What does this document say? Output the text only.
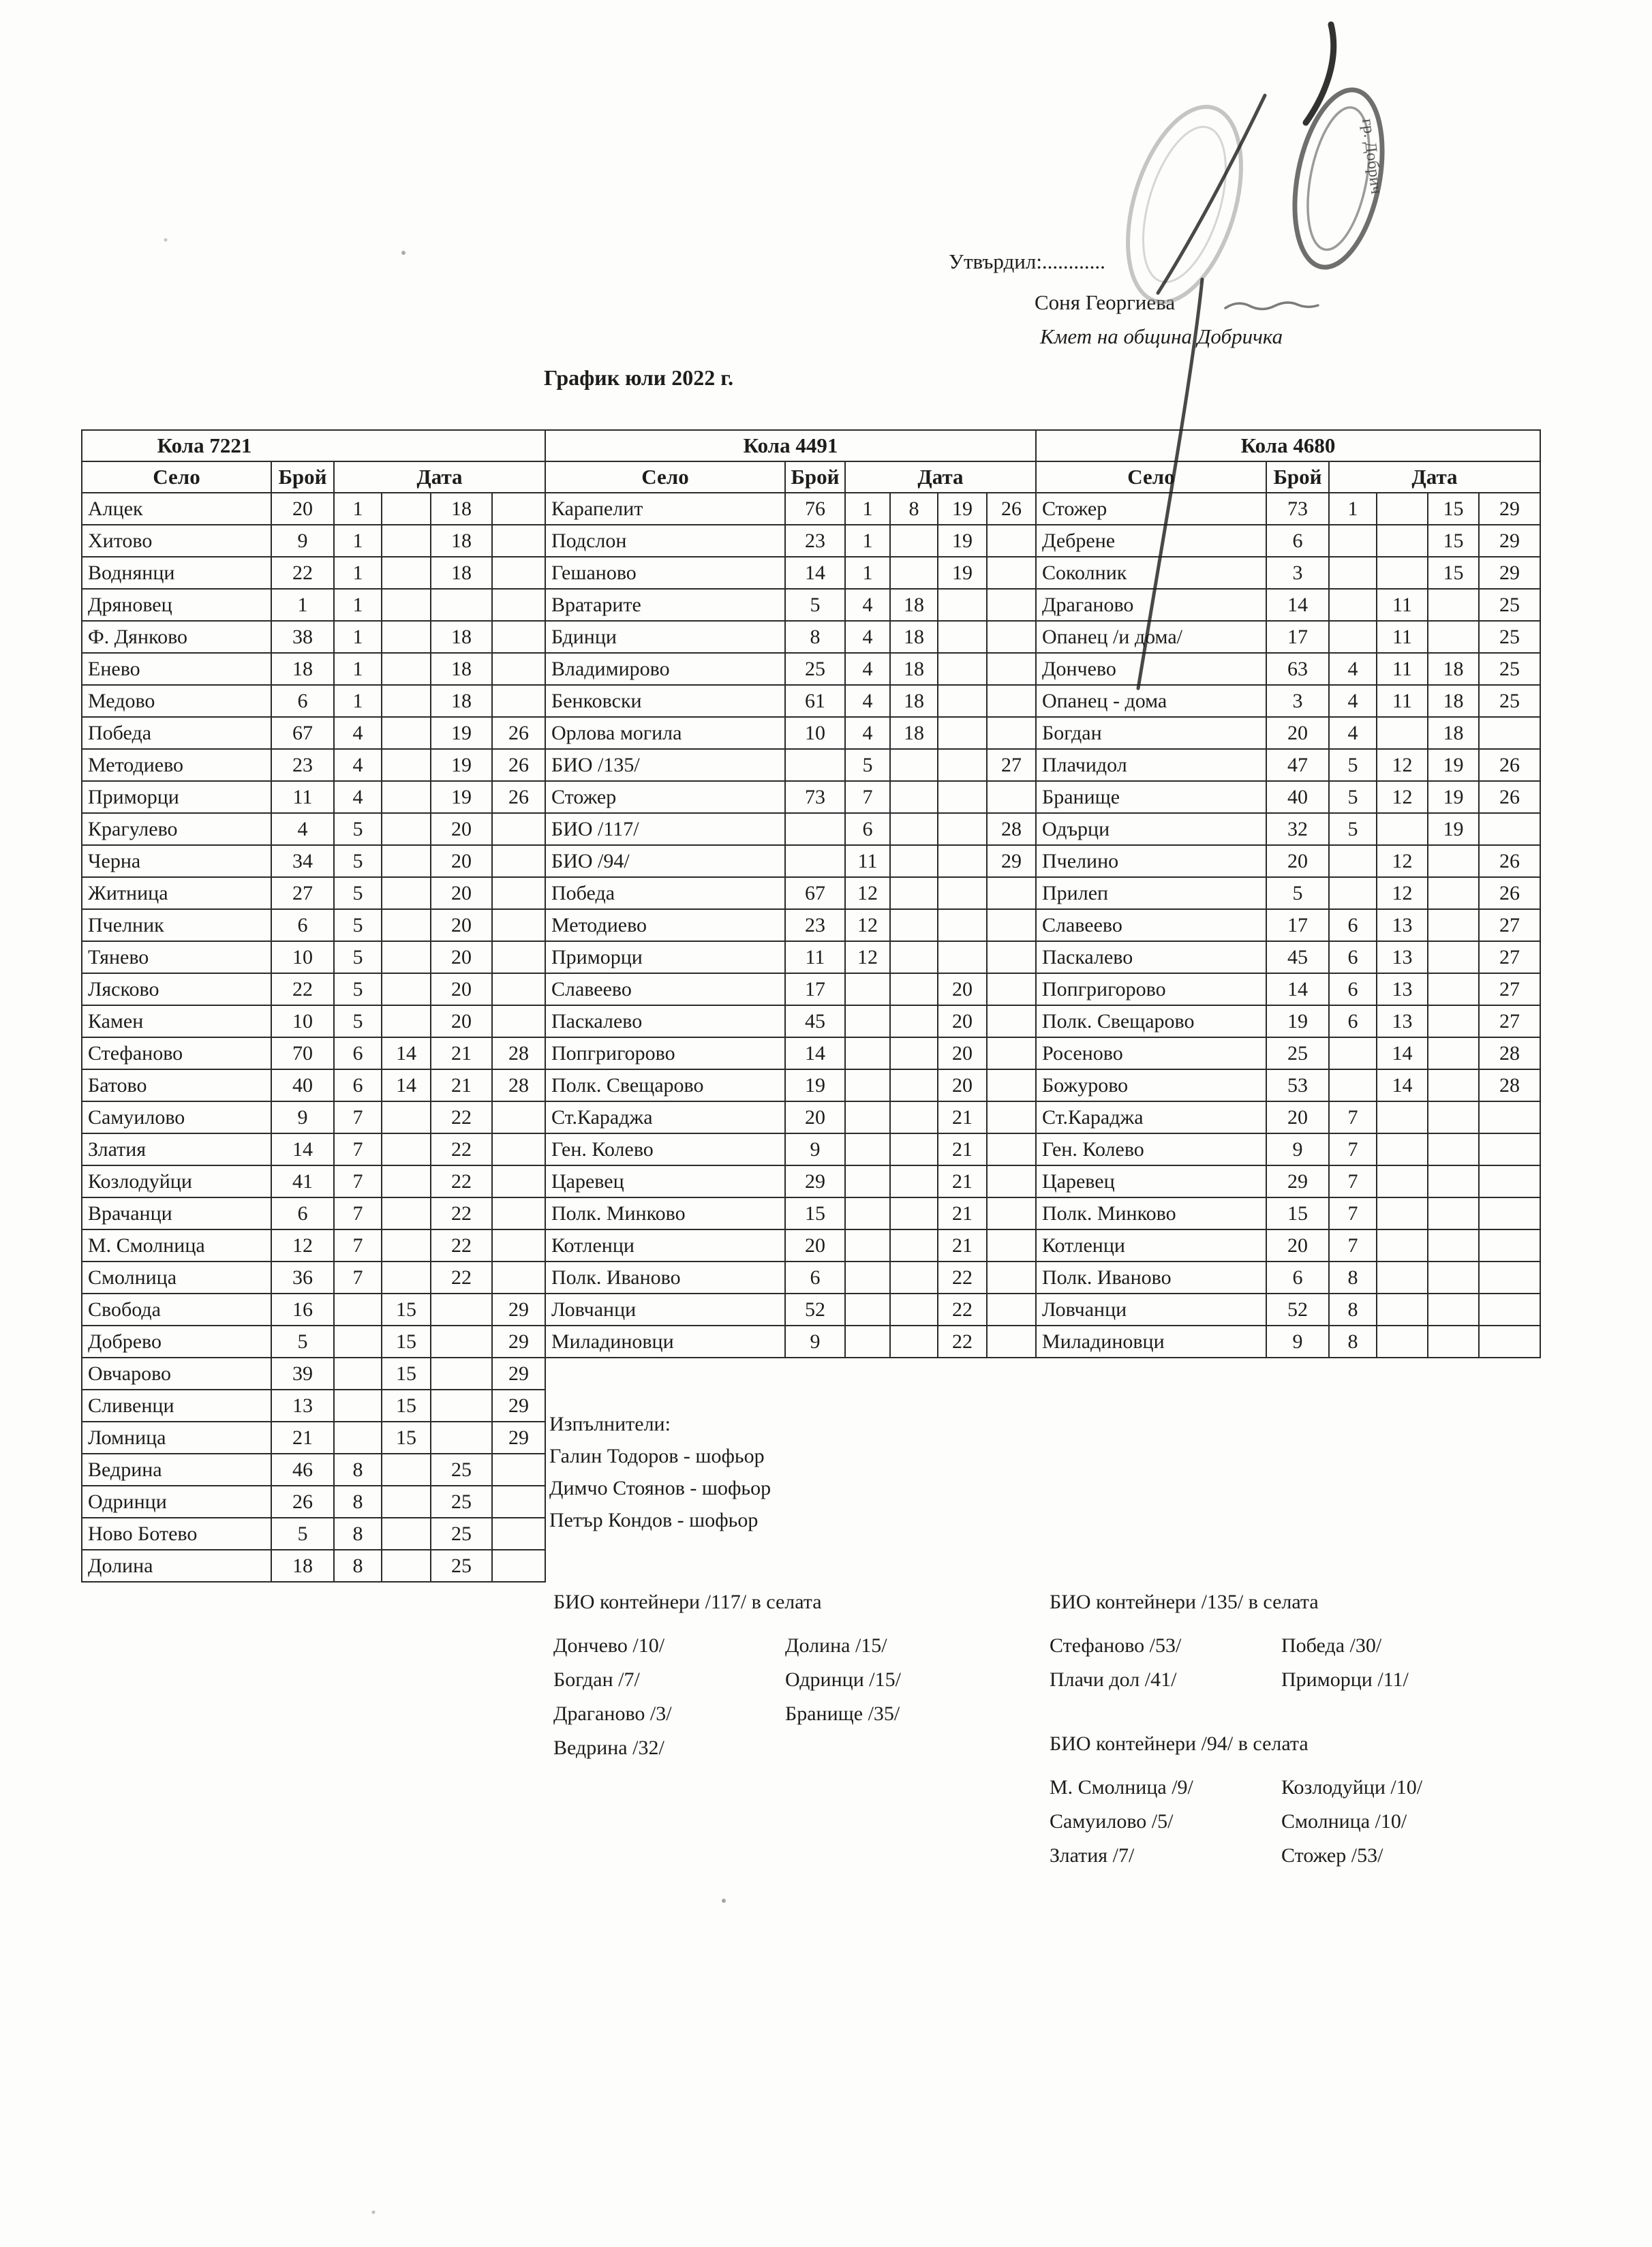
гр. Добрич
Утвърдил:............
Соня Георгиева
Кмет на община Добричка
График юли 2022 г.
Кола 7221					
Село	Брой	Дата			
Алцек	20	1		18	
Хитово	9	1		18	
Воднянци	22	1		18	
Дряновец	1	1			
Ф. Дянково	38	1		18	
Енево	18	1		18	
Медово	6	1		18	
Победа	67	4		19	26
Методиево	23	4		19	26
Приморци	11	4		19	26
Крагулево	4	5		20	
Черна	34	5		20	
Житница	27	5		20	
Пчелник	6	5		20	
Тянево	10	5		20	
Лясково	22	5		20	
Камен	10	5		20	
Стефаново	70	6	14	21	28
Батово	40	6	14	21	28
Самуилово	9	7		22	
Златия	14	7		22	
Козлодуйци	41	7		22	
Врачанци	6	7		22	
М. Смолница	12	7		22	
Смолница	36	7		22	
Свобода	16		15		29
Добрево	5		15		29
Овчарово	39		15		29
Сливенци	13		15		29
Ломница	21		15		29
Ведрина	46	8		25	
Одринци	26	8		25	
Ново Ботево	5	8		25	
Долина	18	8		25	
Кола 4491					
Село	Брой	Дата			
Карапелит	76	1	8	19	26
Подслон	23	1		19	
Гешаново	14	1		19	
Вратарите	5	4	18		
Бдинци	8	4	18		
Владимирово	25	4	18		
Бенковски	61	4	18		
Орлова могила	10	4	18		
БИО /135/		5			27
Стожер	73	7			
БИО /117/		6			28
БИО /94/		11			29
Победа	67	12			
Методиево	23	12			
Приморци	11	12			
Славеево	17			20	
Паскалево	45			20	
Попгригорово	14			20	
Полк. Свещарово	19			20	
Ст.Караджа	20			21	
Ген. Колево	9			21	
Царевец	29			21	
Полк. Минково	15			21	
Котленци	20			21	
Полк. Иваново	6			22	
Ловчанци	52			22	
Миладиновци	9			22	
Кола 4680					
Село	Брой	Дата			
Стожер	73	1		15	29
Дебрене	6			15	29
Соколник	3			15	29
Драганово	14		11		25
Опанец /и дома/	17		11		25
Дончево	63	4	11	18	25
Опанец - дома	3	4	11	18	25
Богдан	20	4		18	
Плачидол	47	5	12	19	26
Бранище	40	5	12	19	26
Одърци	32	5		19	
Пчелино	20		12		26
Прилеп	5		12		26
Славеево	17	6	13		27
Паскалево	45	6	13		27
Попгригорово	14	6	13		27
Полк. Свещарово	19	6	13		27
Росеново	25		14		28
Божурово	53		14		28
Ст.Караджа	20	7			
Ген. Колево	9	7			
Царевец	29	7			
Полк. Минково	15	7			
Котленци	20	7			
Полк. Иваново	6	8			
Ловчанци	52	8			
Миладиновци	9	8			
Изпълнители:
Галин Тодоров - шофьор
Димчо Стоянов - шофьор
Петър Кондов - шофьор
БИО контейнери /117/ в селата
Дончево /10/	Долина /15/
Богдан /7/	Одринци /15/
Драганово /3/	Бранище /35/
Ведрина /32/
БИО контейнери /135/ в селата
Стефаново /53/	Победа /30/
Плачи дол /41/	Приморци /11/
БИО контейнери /94/ в селата
М. Смолница /9/	Козлодуйци /10/
Самуилово /5/	Смолница /10/
Златия /7/	Стожер /53/
